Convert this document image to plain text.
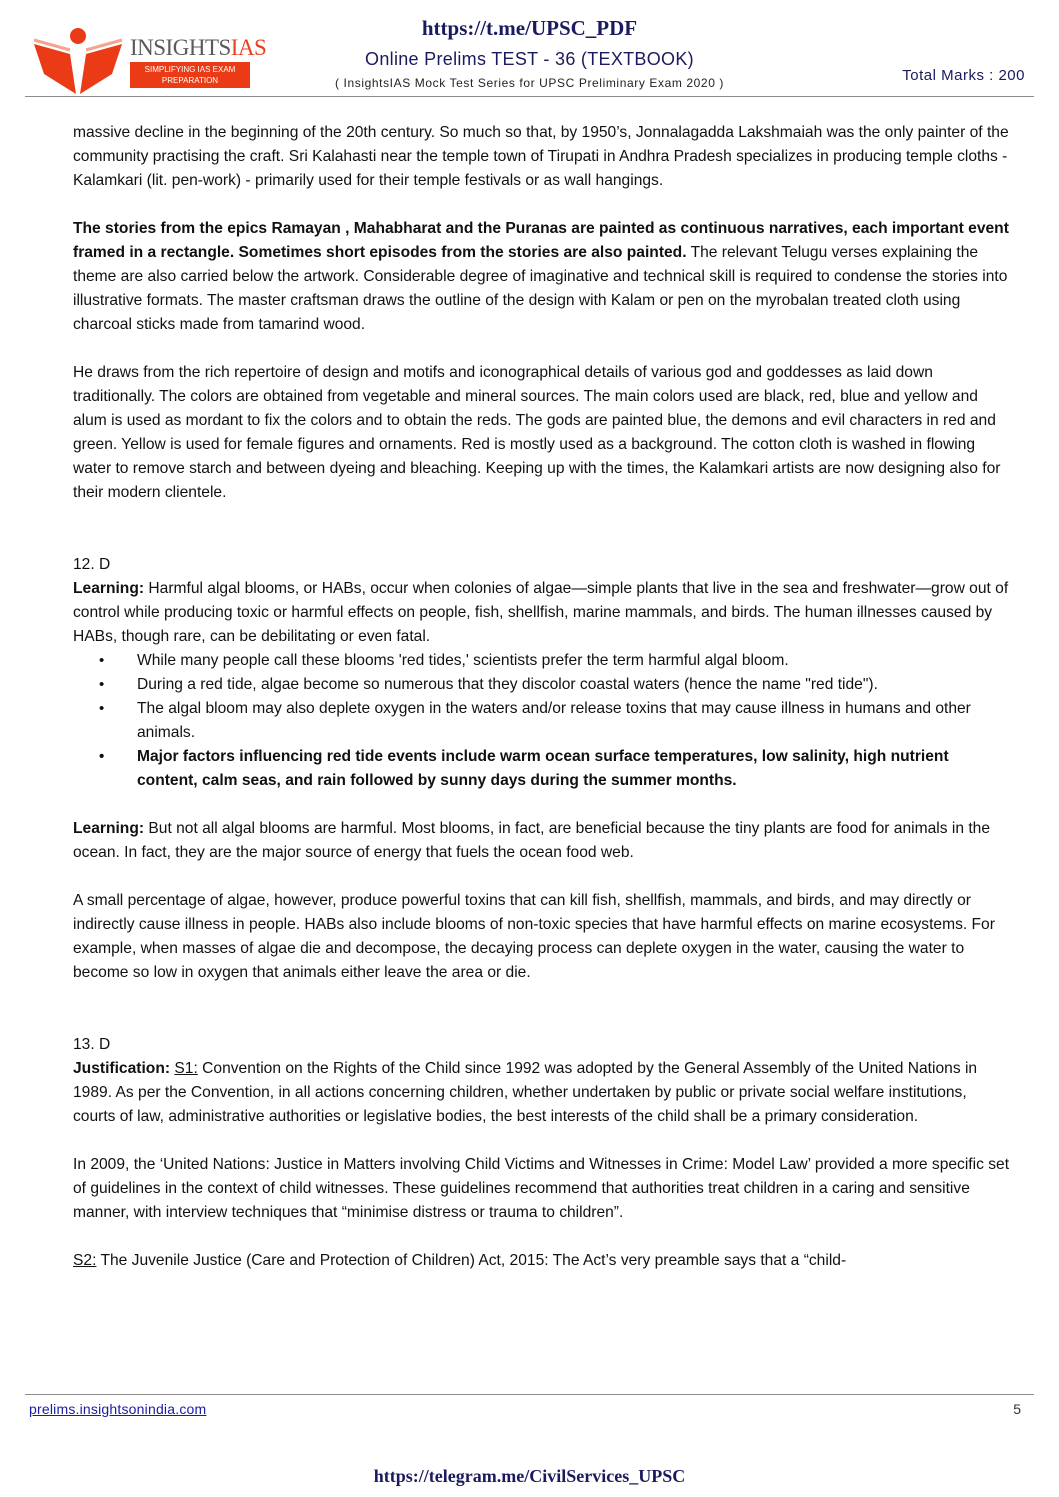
INSIGHTSIAS
SIMPLIFYING IAS EXAM
PREPARATION
https://t.me/UPSC_PDF
Online Prelims TEST - 36 (TEXTBOOK)
( InsightsIAS Mock Test Series for UPSC Preliminary Exam 2020 )	Total Marks : 200

massive decline in the beginning of the 20th century. So much so that, by 1950’s, Jonnalagadda Lakshmaiah was the only painter of the community practising the craft. Sri Kalahasti near the temple town of Tirupati in Andhra Pradesh specializes in producing temple cloths - Kalamkari (lit. pen-work) - primarily used for their temple festivals or as wall hangings.

The stories from the epics Ramayan , Mahabharat and the Puranas are painted as continuous narratives, each important event framed in a rectangle. Sometimes short episodes from the stories are also painted. The relevant Telugu verses explaining the theme are also carried below the artwork. Considerable degree of imaginative and technical skill is required to condense the stories into illustrative formats. The master craftsman draws the outline of the design with Kalam or pen on the myrobalan treated cloth using charcoal sticks made from tamarind wood.

He draws from the rich repertoire of design and motifs and iconographical details of various god and goddesses as laid down traditionally. The colors are obtained from vegetable and mineral sources. The main colors used are black, red, blue and yellow and alum is used as mordant to fix the colors and to obtain the reds. The gods are painted blue, the demons and evil characters in red and green. Yellow is used for female figures and ornaments. Red is mostly used as a background. The cotton cloth is washed in flowing water to remove starch and between dyeing and bleaching. Keeping up with the times, the Kalamkari artists are now designing also for their modern clientele.

12. D

Learning: Harmful algal blooms, or HABs, occur when colonies of algae—simple plants that live in the sea and freshwater—grow out of control while producing toxic or harmful effects on people, fish, shellfish, marine mammals, and birds. The human illnesses caused by HABs, though rare, can be debilitating or even fatal.

• While many people call these blooms 'red tides,' scientists prefer the term harmful algal bloom.
• During a red tide, algae become so numerous that they discolor coastal waters (hence the name "red tide").
• The algal bloom may also deplete oxygen in the waters and/or release toxins that may cause illness in humans and other animals.
• Major factors influencing red tide events include warm ocean surface temperatures, low salinity, high nutrient content, calm seas, and rain followed by sunny days during the summer months.

Learning: But not all algal blooms are harmful. Most blooms, in fact, are beneficial because the tiny plants are food for animals in the ocean. In fact, they are the major source of energy that fuels the ocean food web.

A small percentage of algae, however, produce powerful toxins that can kill fish, shellfish, mammals, and birds, and may directly or indirectly cause illness in people. HABs also include blooms of non-toxic species that have harmful effects on marine ecosystems. For example, when masses of algae die and decompose, the decaying process can deplete oxygen in the water, causing the water to become so low in oxygen that animals either leave the area or die.

13. D

Justification: S1: Convention on the Rights of the Child since 1992 was adopted by the General Assembly of the United Nations in 1989. As per the Convention, in all actions concerning children, whether undertaken by public or private social welfare institutions, courts of law, administrative authorities or legislative bodies, the best interests of the child shall be a primary consideration.

In 2009, the ‘United Nations: Justice in Matters involving Child Victims and Witnesses in Crime: Model Law’ provided a more specific set of guidelines in the context of child witnesses. These guidelines recommend that authorities treat children in a caring and sensitive manner, with interview techniques that “minimise distress or trauma to children”.

S2: The Juvenile Justice (Care and Protection of Children) Act, 2015: The Act’s very preamble says that a “child-

prelims.insightsonindia.com	5
https://telegram.me/CivilServices_UPSC
